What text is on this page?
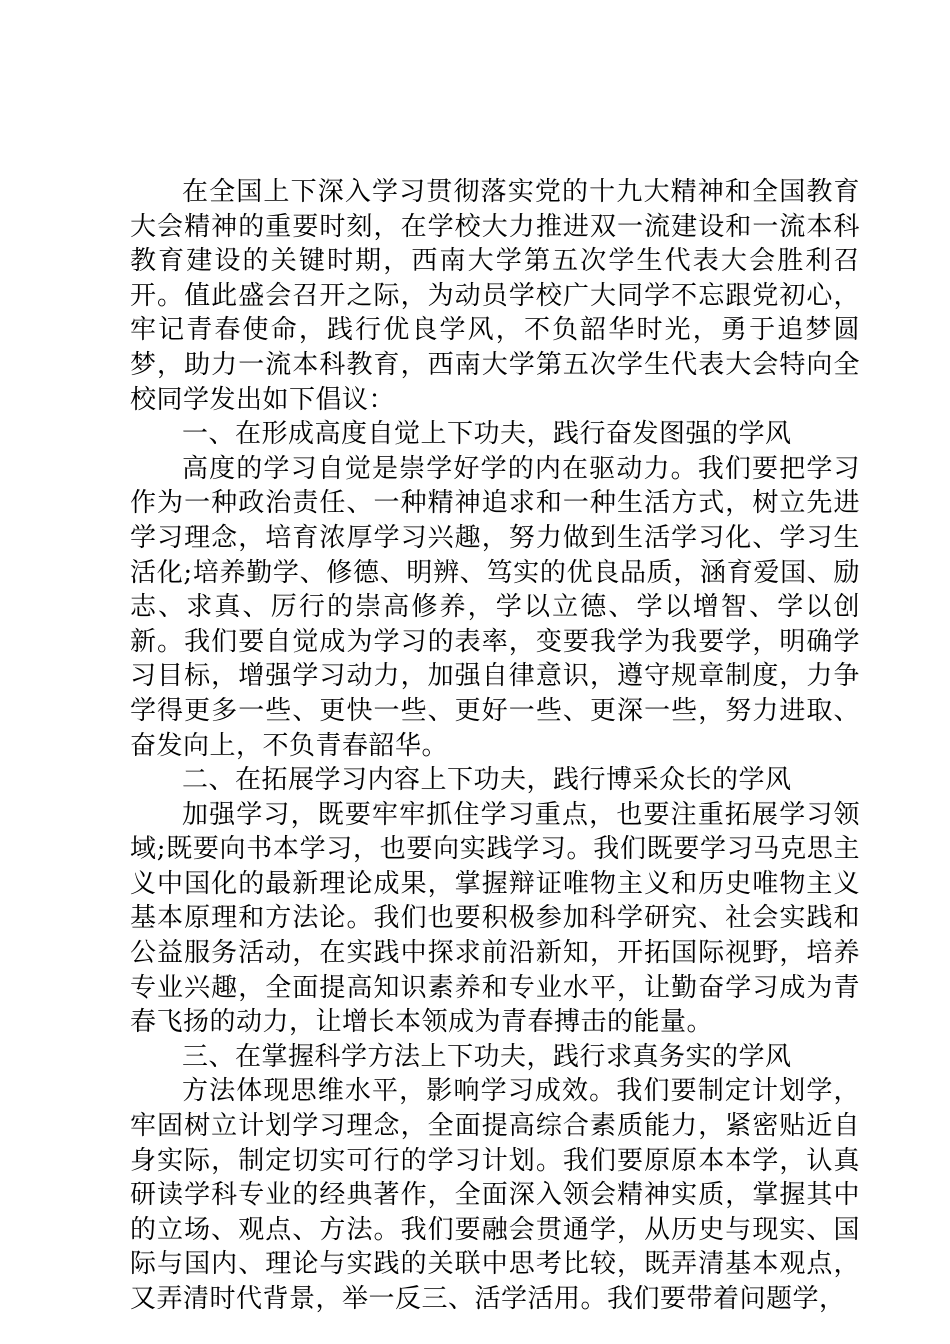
在全国上下深入学习贯彻落实党的十九大精神和全国教育大会精神的重要时刻，在学校大力推进双一流建设和一流本科教育建设的关键时期，西南大学第五次学生代表大会胜利召开。值此盛会召开之际，为动员学校广大同学不忘跟党初心，牢记青春使命，践行优良学风，不负韶华时光，勇于追梦圆梦，助力一流本科教育，西南大学第五次学生代表大会特向全校同学发出如下倡议：

一、在形成高度自觉上下功夫，践行奋发图强的学风

高度的学习自觉是崇学好学的内在驱动力。我们要把学习作为一种政治责任、一种精神追求和一种生活方式，树立先进学习理念，培育浓厚学习兴趣，努力做到生活学习化、学习生活化;培养勤学、修德、明辨、笃实的优良品质，涵育爱国、励志、求真、厉行的崇高修养，学以立德、学以增智、学以创新。我们要自觉成为学习的表率，变要我学为我要学，明确学习目标，增强学习动力，加强自律意识，遵守规章制度，力争学得更多一些、更快一些、更好一些、更深一些，努力进取、奋发向上，不负青春韶华。

二、在拓展学习内容上下功夫，践行博采众长的学风

加强学习，既要牢牢抓住学习重点，也要注重拓展学习领域;既要向书本学习，也要向实践学习。我们既要学习马克思主义中国化的最新理论成果，掌握辩证唯物主义和历史唯物主义基本原理和方法论。我们也要积极参加科学研究、社会实践和公益服务活动，在实践中探求前沿新知，开拓国际视野，培养专业兴趣，全面提高知识素养和专业水平，让勤奋学习成为青春飞扬的动力，让增长本领成为青春搏击的能量。

三、在掌握科学方法上下功夫，践行求真务实的学风

方法体现思维水平，影响学习成效。我们要制定计划学，牢固树立计划学习理念，全面提高综合素质能力，紧密贴近自身实际，制定切实可行的学习计划。我们要原原本本学，认真研读学科专业的经典著作，全面深入领会精神实质，掌握其中的立场、观点、方法。我们要融会贯通学，从历史与现实、国际与国内、理论与实践的关联中思考比较，既弄清基本观点，又弄清时代背景，举一反三、活学活用。我们要带着问题学，
